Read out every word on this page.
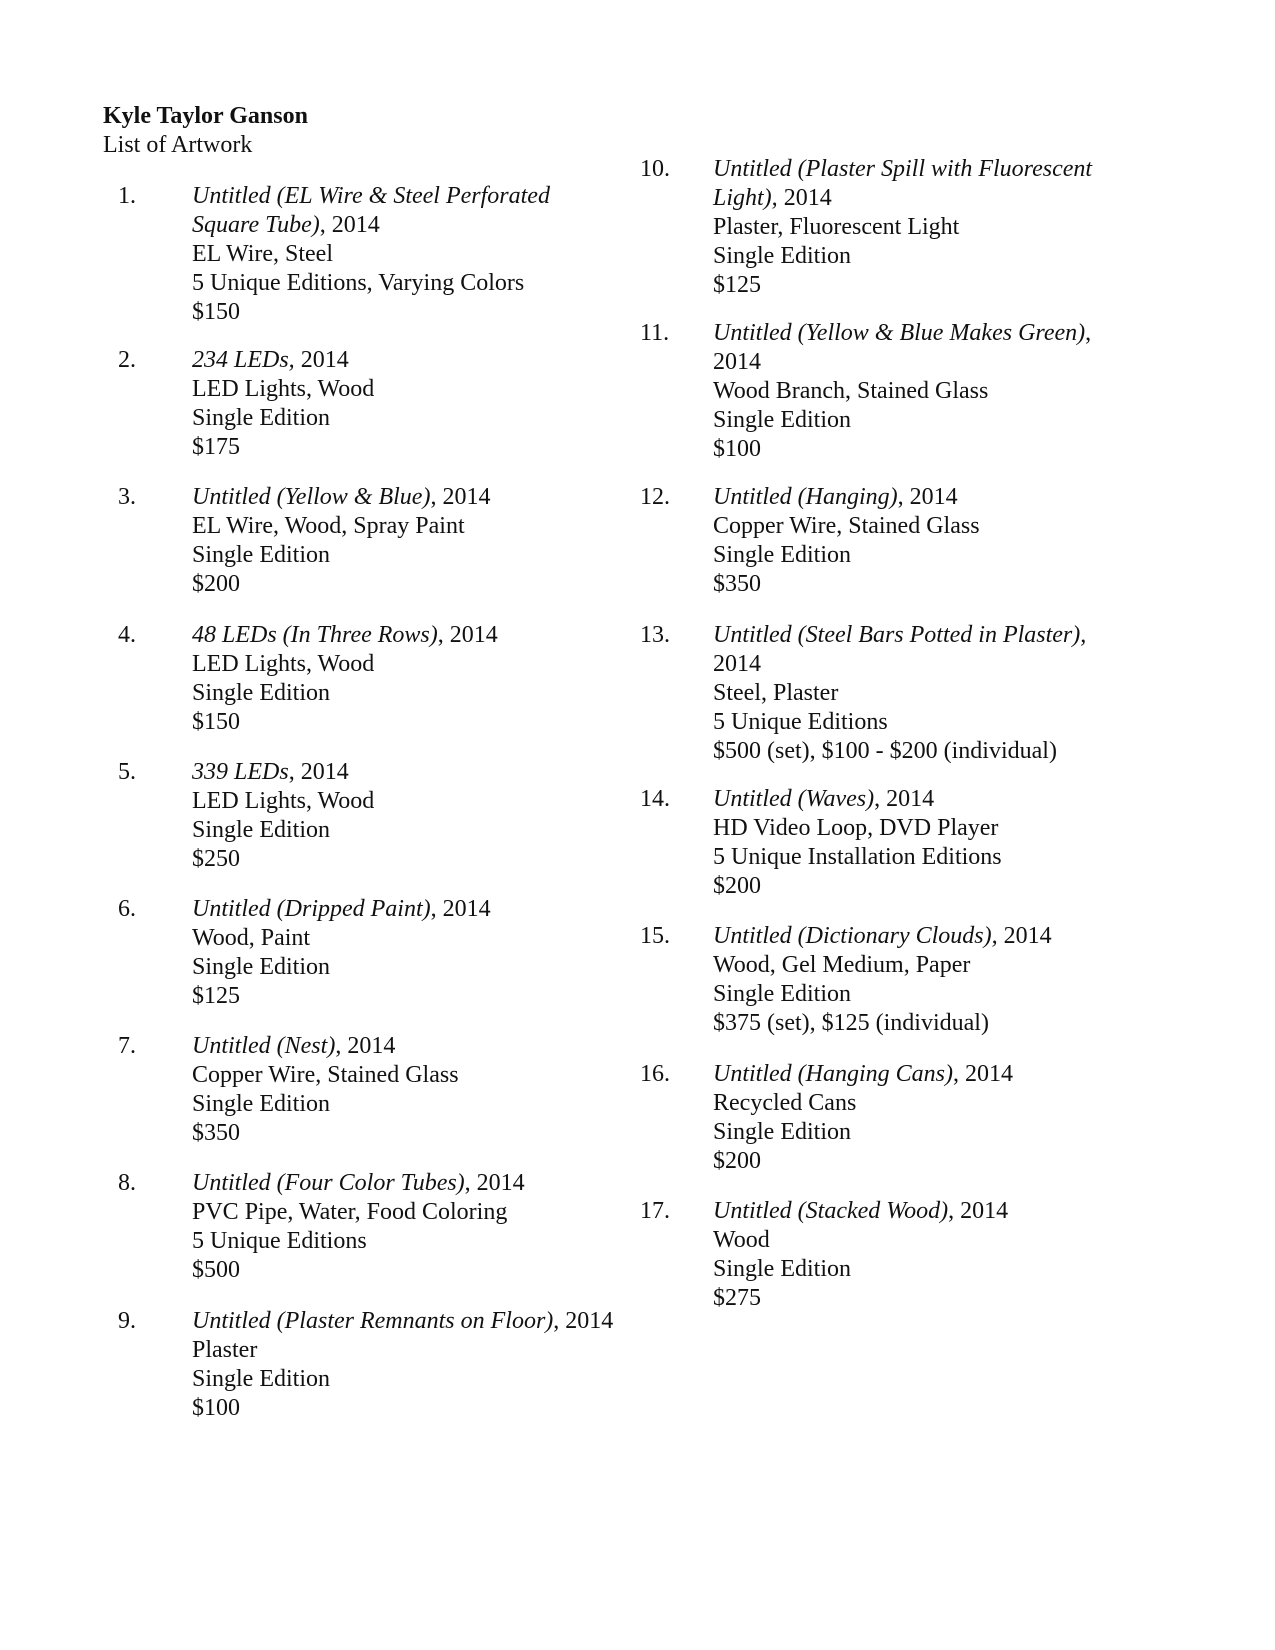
Kyle Taylor Ganson
List of Artwork
1. Untitled (EL Wire & Steel Perforated
Square Tube), 2014
EL Wire, Steel
5 Unique Editions, Varying Colors
$150
2. 234 LEDs, 2014
LED Lights, Wood
Single Edition
$175
3. Untitled (Yellow & Blue), 2014
EL Wire, Wood, Spray Paint
Single Edition
$200
4. 48 LEDs (In Three Rows), 2014
LED Lights, Wood
Single Edition
$150
5. 339 LEDs, 2014
LED Lights, Wood
Single Edition
$250
6. Untitled (Dripped Paint), 2014
Wood, Paint
Single Edition
$125
7. Untitled (Nest), 2014
Copper Wire, Stained Glass
Single Edition
$350
8. Untitled (Four Color Tubes), 2014
PVC Pipe, Water, Food Coloring
5 Unique Editions
$500
9. Untitled (Plaster Remnants on Floor), 2014
Plaster
Single Edition
$100
10. Untitled (Plaster Spill with Fluorescent
Light), 2014
Plaster, Fluorescent Light
Single Edition
$125
11. Untitled (Yellow & Blue Makes Green),
2014
Wood Branch, Stained Glass
Single Edition
$100
12. Untitled (Hanging), 2014
Copper Wire, Stained Glass
Single Edition
$350
13. Untitled (Steel Bars Potted in Plaster),
2014
Steel, Plaster
5 Unique Editions
$500 (set), $100 - $200 (individual)
14. Untitled (Waves), 2014
HD Video Loop, DVD Player
5 Unique Installation Editions
$200
15. Untitled (Dictionary Clouds), 2014
Wood, Gel Medium, Paper
Single Edition
$375 (set), $125 (individual)
16. Untitled (Hanging Cans), 2014
Recycled Cans
Single Edition
$200
17. Untitled (Stacked Wood), 2014
Wood
Single Edition
$275
